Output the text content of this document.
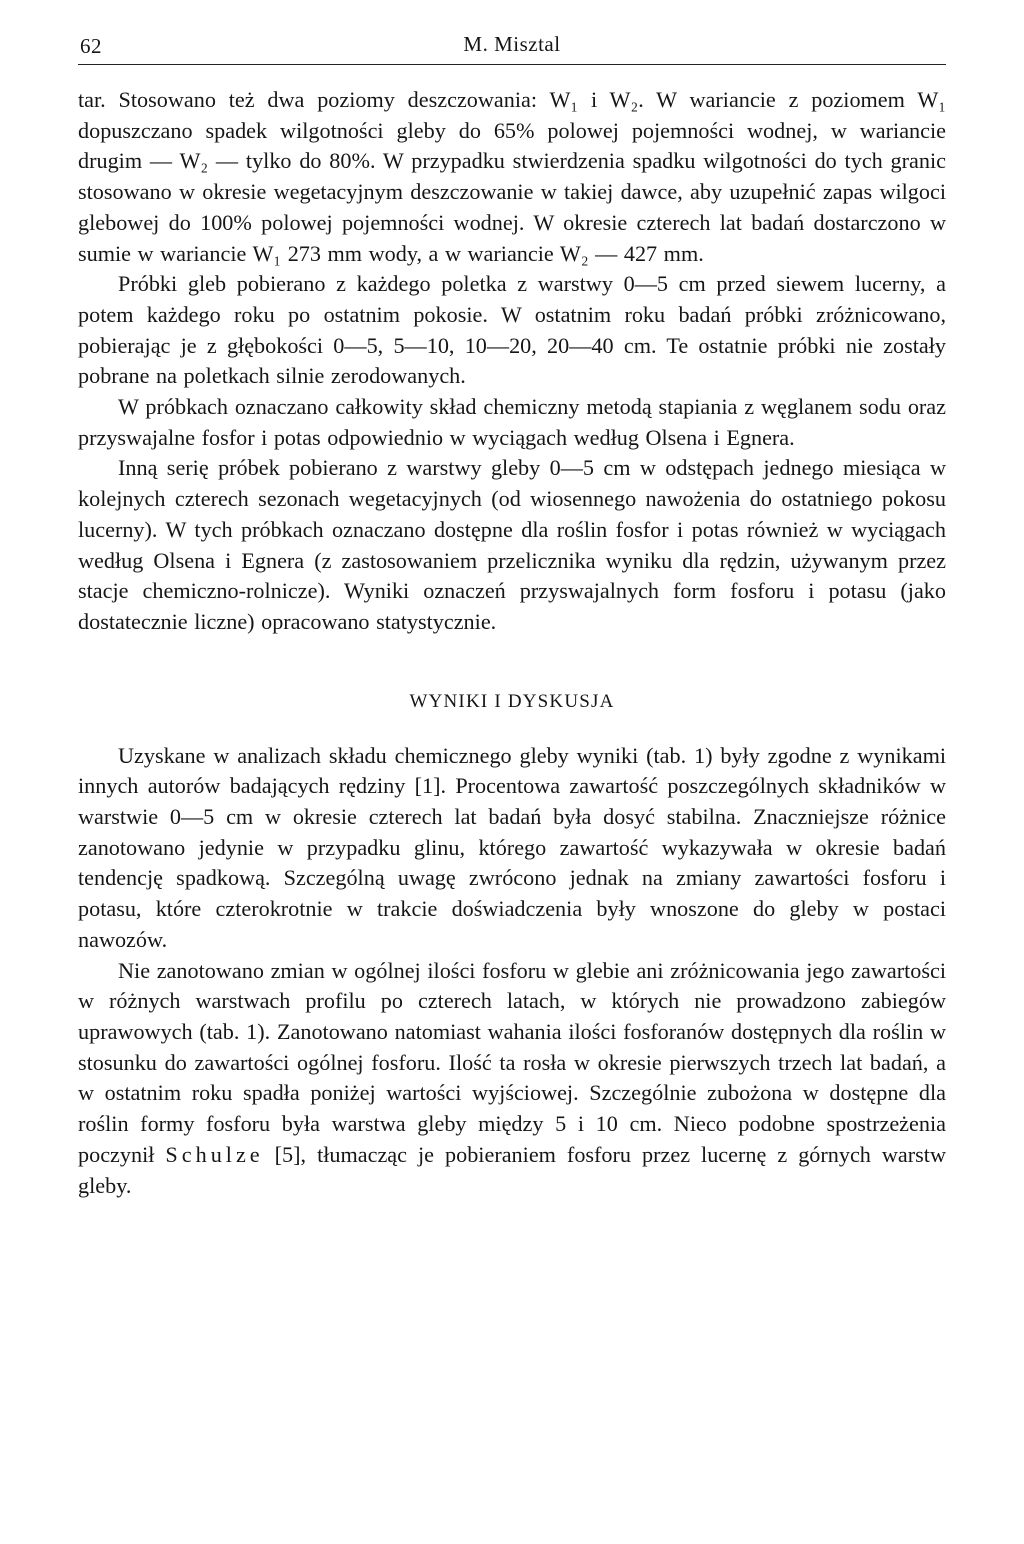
62	M. Misztal

tar. Stosowano też dwa poziomy deszczowania: W₁ i W₂. W wariancie z poziomem W₁ dopuszczano spadek wilgotności gleby do 65% polowej pojemności wodnej, w wariancie drugim — W₂ — tylko do 80%. W przypadku stwierdzenia spadku wilgotności do tych granic stosowano w okresie wegetacyjnym deszczowanie w takiej dawce, aby uzupełnić zapas wilgoci glebowej do 100% polowej pojemności wodnej. W okresie czterech lat badań dostarczono w sumie w wariancie W₁ 273 mm wody, a w wariancie W₂ — 427 mm.

Próbki gleb pobierano z każdego poletka z warstwy 0—5 cm przed siewem lucerny, a potem każdego roku po ostatnim pokosie. W ostatnim roku badań próbki zróżnicowano, pobierając je z głębokości 0—5, 5—10, 10—20, 20—40 cm. Te ostatnie próbki nie zostały pobrane na poletkach silnie zerodowanych.

W próbkach oznaczano całkowity skład chemiczny metodą stapiania z węglanem sodu oraz przyswajalne fosfor i potas odpowiednio w wyciągach według Olsena i Egnera.

Inną serię próbek pobierano z warstwy gleby 0—5 cm w odstępach jednego miesiąca w kolejnych czterech sezonach wegetacyjnych (od wiosennego nawożenia do ostatniego pokosu lucerny). W tych próbkach oznaczano dostępne dla roślin fosfor i potas również w wyciągach według Olsena i Egnera (z zastosowaniem przelicznika wyniku dla rędzin, używanym przez stacje chemiczno-rolnicze). Wyniki oznaczeń przyswajalnych form fosforu i potasu (jako dostatecznie liczne) opracowano statystycznie.

WYNIKI I DYSKUSJA

Uzyskane w analizach składu chemicznego gleby wyniki (tab. 1) były zgodne z wynikami innych autorów badających rędziny [1]. Procentowa zawartość poszczególnych składników w warstwie 0—5 cm w okresie czterech lat badań była dosyć stabilna. Znaczniejsze różnice zanotowano jedynie w przypadku glinu, którego zawartość wykazywała w okresie badań tendencję spadkową. Szczególną uwagę zwrócono jednak na zmiany zawartości fosforu i potasu, które czterokrotnie w trakcie doświadczenia były wnoszone do gleby w postaci nawozów.

Nie zanotowano zmian w ogólnej ilości fosforu w glebie ani zróżnicowania jego zawartości w różnych warstwach profilu po czterech latach, w których nie prowadzono zabiegów uprawowych (tab. 1). Zanotowano natomiast wahania ilości fosforanów dostępnych dla roślin w stosunku do zawartości ogólnej fosforu. Ilość ta rosła w okresie pierwszych trzech lat badań, a w ostatnim roku spadła poniżej wartości wyjściowej. Szczególnie zubożona w dostępne dla roślin formy fosforu była warstwa gleby między 5 i 10 cm. Nieco podobne spostrzeżenia poczynił Schulze [5], tłumacząc je pobieraniem fosforu przez lucernę z górnych warstw gleby.
